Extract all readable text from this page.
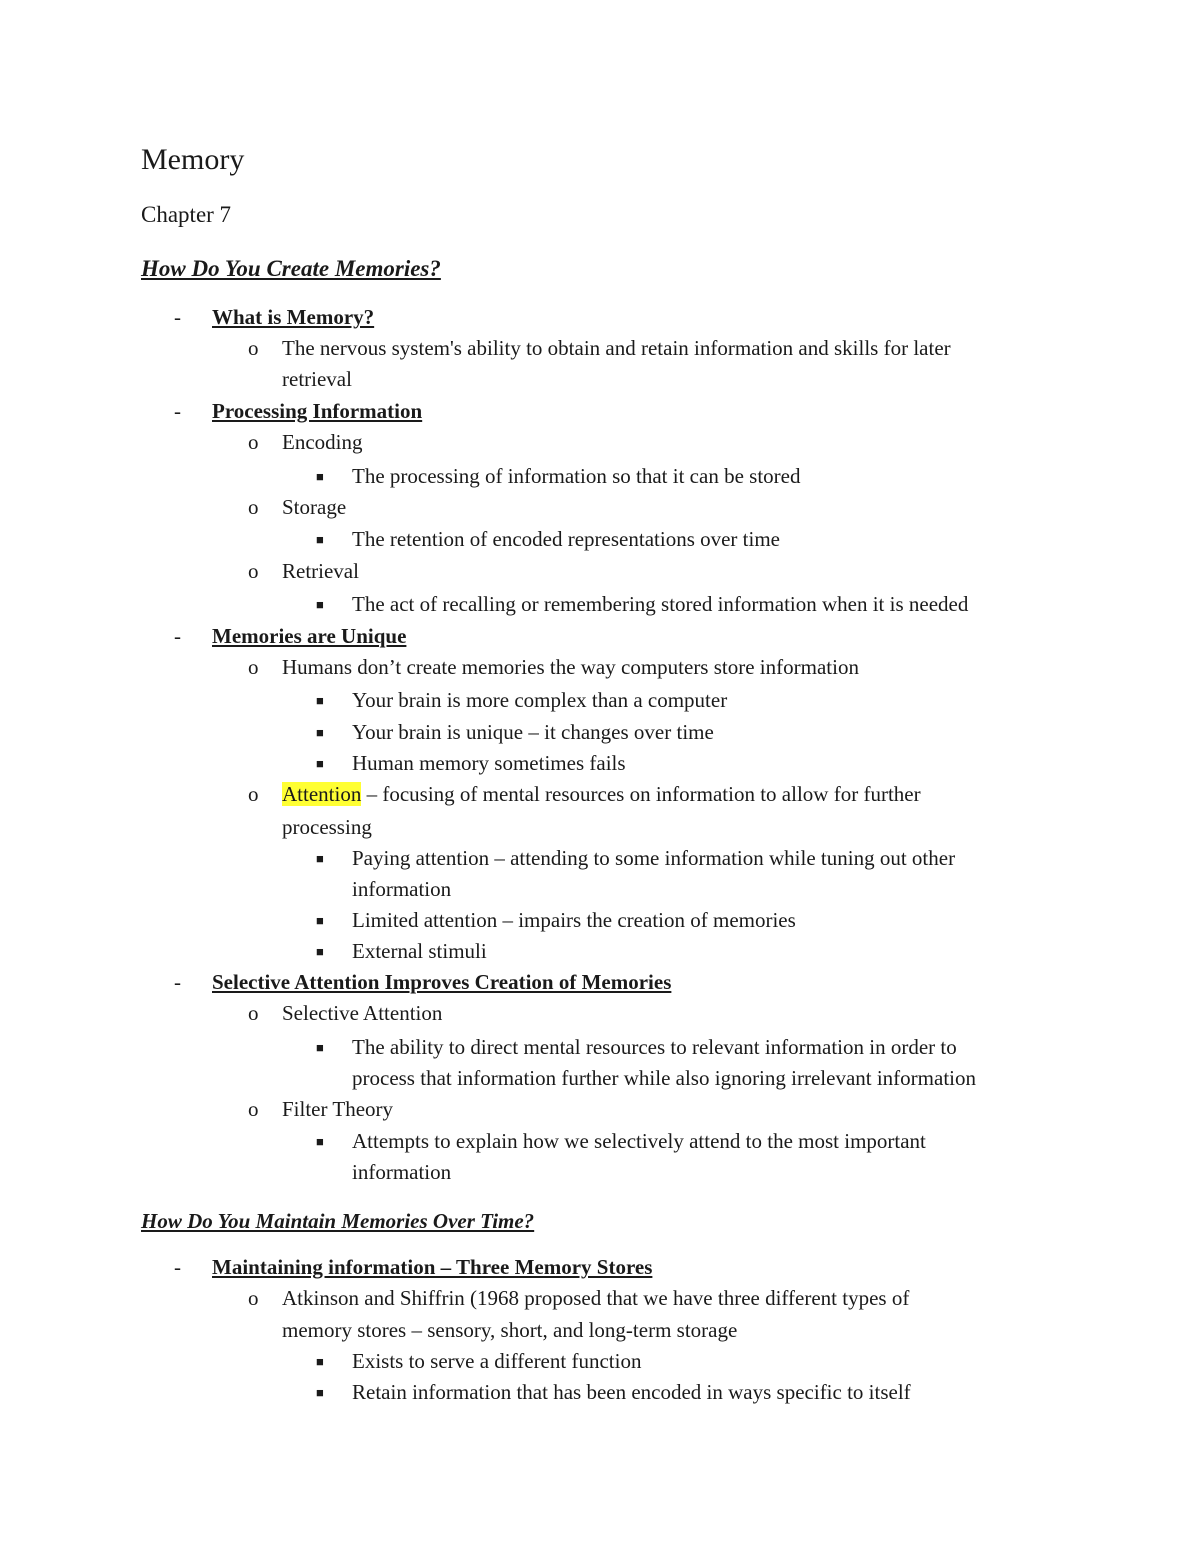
Memory
Chapter 7
How Do You Create Memories?
- What is Memory?
o The nervous system's ability to obtain and retain information and skills for later
retrieval
- Processing Information
o Encoding
■ The processing of information so that it can be stored
o Storage
■ The retention of encoded representations over time
o Retrieval
■ The act of recalling or remembering stored information when it is needed
- Memories are Unique
o Humans don’t create memories the way computers store information
■ Your brain is more complex than a computer
■ Your brain is unique – it changes over time
■ Human memory sometimes fails
o Attention – focusing of mental resources on information to allow for further
processing
■ Paying attention – attending to some information while tuning out other
information
■ Limited attention – impairs the creation of memories
■ External stimuli
- Selective Attention Improves Creation of Memories
o Selective Attention
■ The ability to direct mental resources to relevant information in order to
process that information further while also ignoring irrelevant information
o Filter Theory
■ Attempts to explain how we selectively attend to the most important
information
How Do You Maintain Memories Over Time?
- Maintaining information – Three Memory Stores
o Atkinson and Shiffrin (1968 proposed that we have three different types of
memory stores – sensory, short, and long-term storage
■ Exists to serve a different function
■ Retain information that has been encoded in ways specific to itself
